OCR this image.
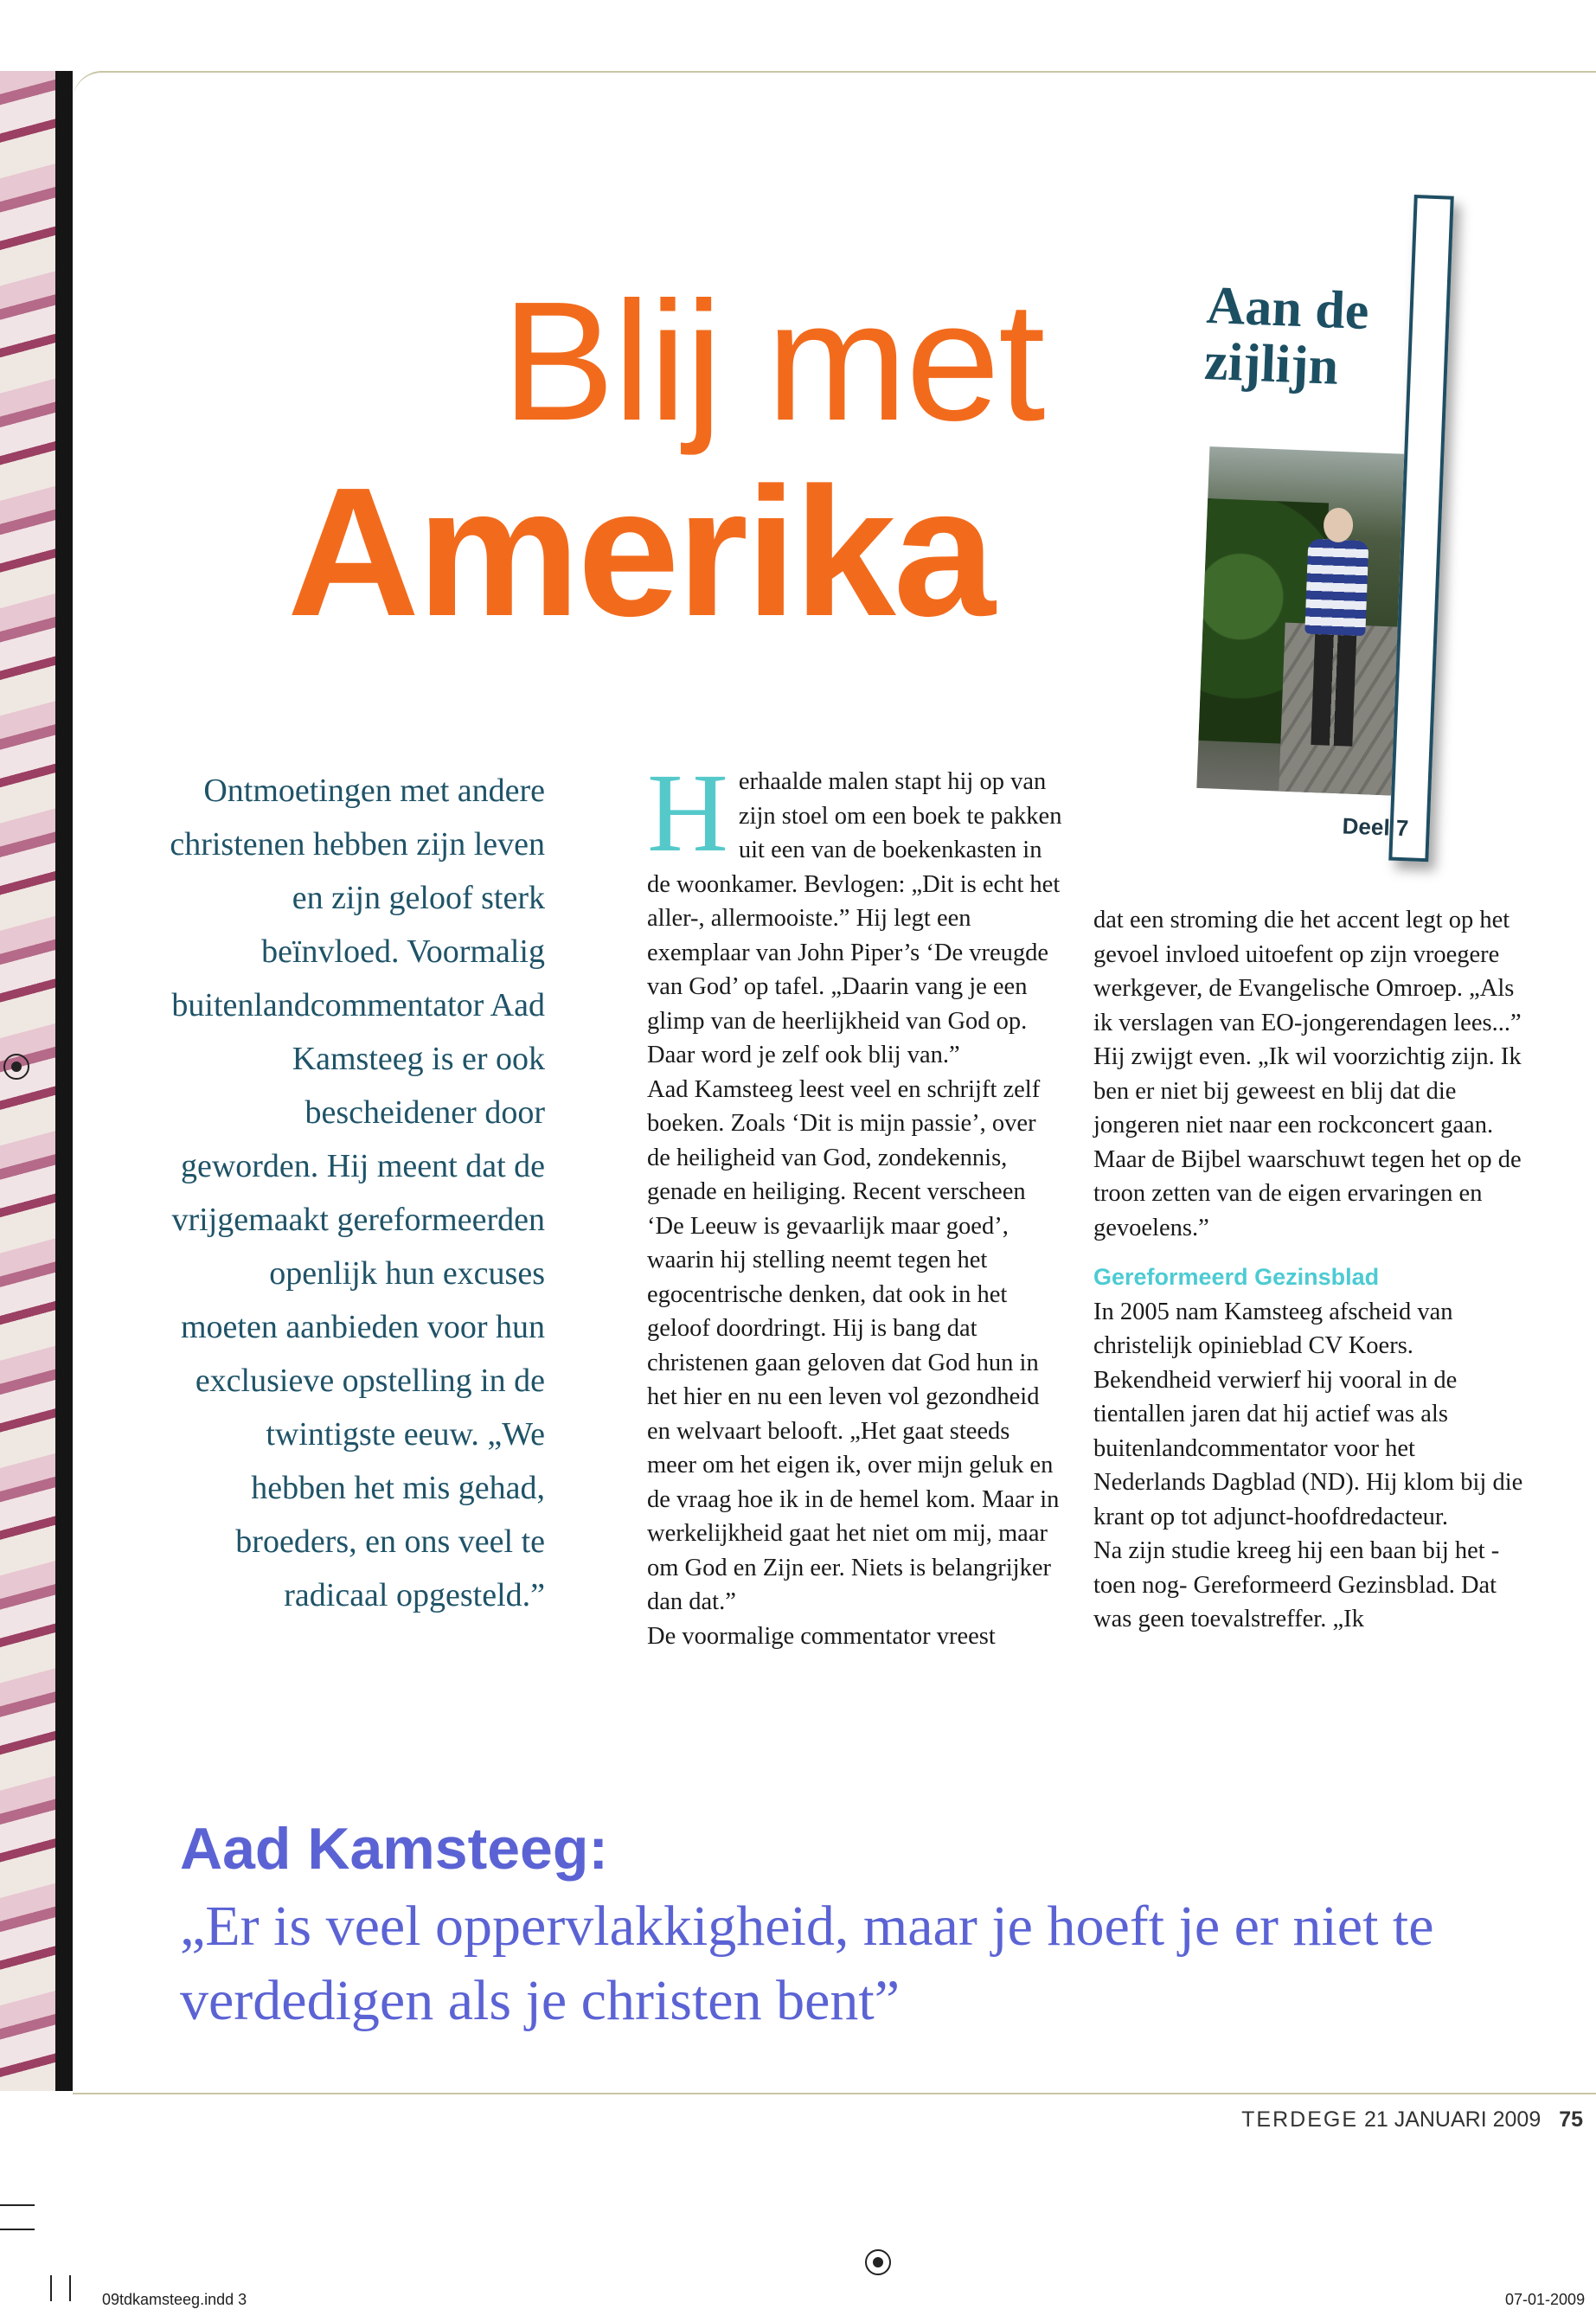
Blij met
Amerika
Aan de
zijlijn
Deel 7
Ontmoetingen met andere christenen hebben zijn leven en zijn geloof sterk beïnvloed. Voormalig buitenlandcommentator Aad Kamsteeg is er ook bescheidener door geworden. Hij meent dat de vrijgemaakt gereformeerden openlijk hun excuses moeten aanbieden voor hun exclusieve opstelling in de twintigste eeuw. „We hebben het mis gehad, broeders, en ons veel te radicaal opgesteld.”
H erhaalde malen stapt hij op van zijn stoel om een boek te pakken uit een van de boekenkasten in de woonkamer. Bevlogen: „Dit is echt het aller-, allermooiste.” Hij legt een exemplaar van John Piper’s ‘De vreugde van God’ op tafel. „Daarin vang je een glimp van de heerlijkheid van God op. Daar word je zelf ook blij van.”

Aad Kamsteeg leest veel en schrijft zelf boeken. Zoals ‘Dit is mijn passie’, over de heiligheid van God, zondekennis, genade en heiliging. Recent verscheen ‘De Leeuw is gevaarlijk maar goed’, waarin hij stelling neemt tegen het egocentrische denken, dat ook in het geloof doordringt. Hij is bang dat christenen gaan geloven dat God hun in het hier en nu een leven vol gezondheid en welvaart belooft. „Het gaat steeds meer om het eigen ik, over mijn geluk en de vraag hoe ik in de hemel kom. Maar in werkelijkheid gaat het niet om mij, maar om God en Zijn eer. Niets is belangrijker dan dat.”

De voormalige commentator vreest

dat een stroming die het accent legt op het gevoel invloed uitoefent op zijn vroegere werkgever, de Evangelische Omroep. „Als ik verslagen van EO-jongerendagen lees...” Hij zwijgt even. „Ik wil voorzichtig zijn. Ik ben er niet bij geweest en blij dat die jongeren niet naar een rockconcert gaan. Maar de Bijbel waarschuwt tegen het op de troon zetten van de eigen ervaringen en gevoelens.”

Gereformeerd Gezinsblad

In 2005 nam Kamsteeg afscheid van christelijk opinieblad CV Koers. Bekendheid verwierf hij vooral in de tientallen jaren dat hij actief was als buitenlandcommentator voor het Nederlands Dagblad (ND). Hij klom bij die krant op tot adjunct-hoofdredacteur.

Na zijn studie kreeg hij een baan bij het -toen nog- Gereformeerd Gezinsblad. Dat was geen toevalstreffer. „Ik

Aad Kamsteeg:
„Er is veel oppervlakkigheid, maar je hoeft je er niet te verdedigen als je christen bent”
TERDEGE 21 JANUARI 2009 75
09tdkamsteeg.indd 3	07-01-2009
